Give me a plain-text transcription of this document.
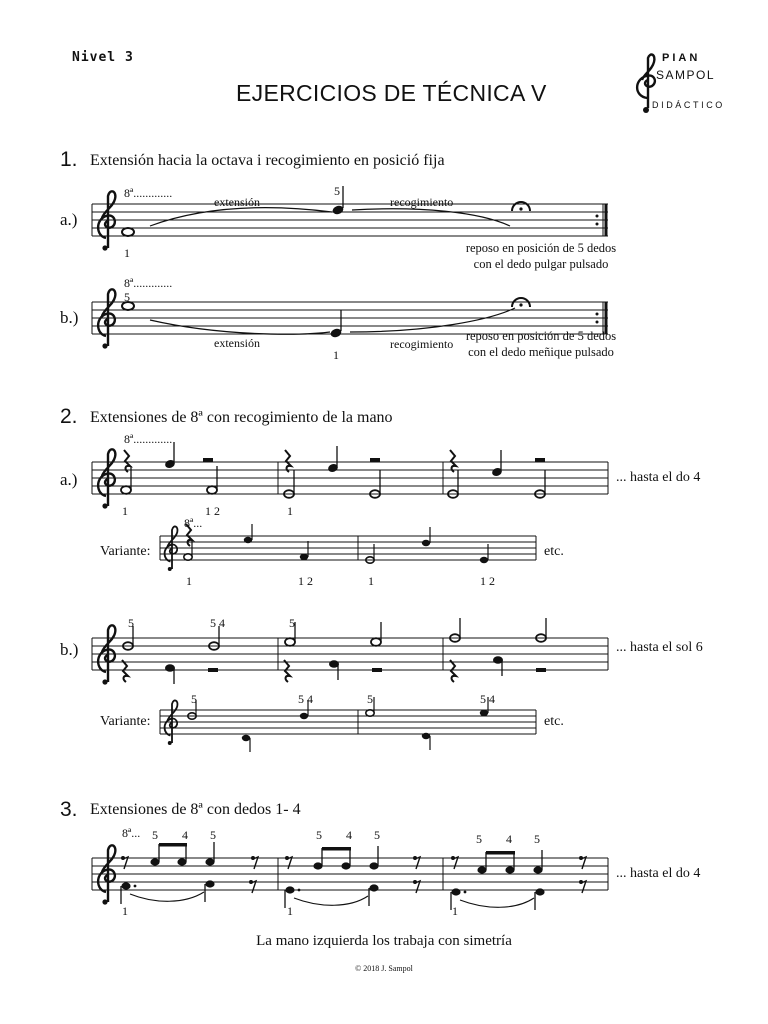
Nivel 3
EJERCICIOS DE TÉCNICA V
PIAN
SAMPOL
DIDÁCTICO
1. Extensión hacia la octava i recogimiento en posició fija
8ª.............
a.)
1
5
extensión	recogimiento
reposo en posición de 5 dedos
con el dedo pulgar pulsado
8ª.............
b.)
5
1
extensión	recogimiento
reposo en posición de 5 dedos
con el dedo meñique pulsado
2. Extensiones de 8ª con recogimiento de la mano
8ª.............
a.)
1	1 2	1
... hasta el do 4
8ª...
Variante:
1	1 2	1	1 2
etc.
b.)
5	5 4	5
... hasta el sol 6
Variante:
5	5 4	5	5 4
etc.
3. Extensiones de 8ª con dedos 1- 4
8ª... 5 4 5	5 4 5	5 4 5
1	1	1
... hasta el do 4
La mano izquierda los trabaja con simetría
© 2018 J. Sampol
